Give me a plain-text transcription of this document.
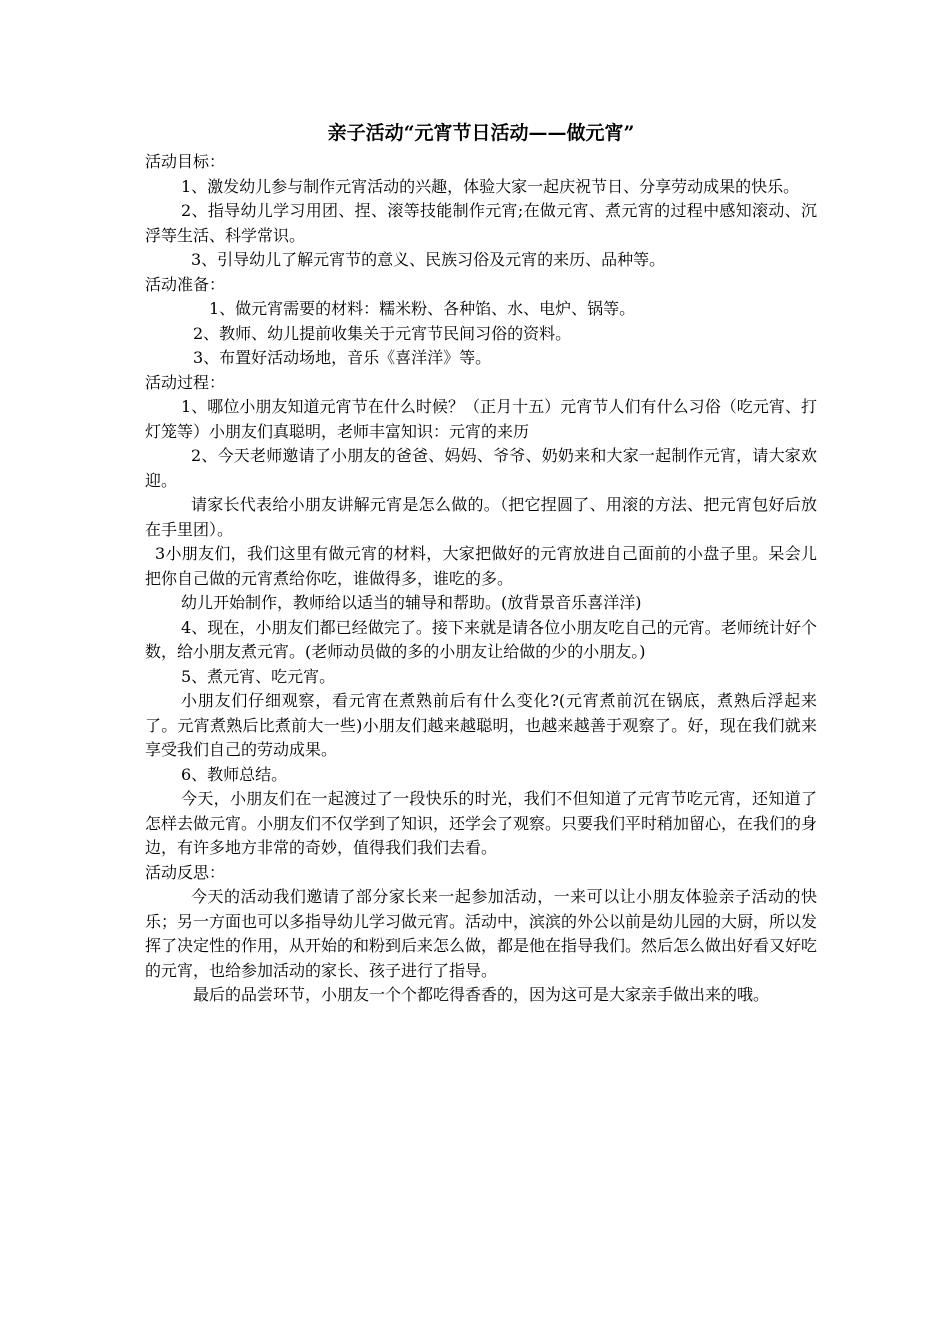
亲子活动“元宵节日活动——做元宵”
活动目标：

1、激发幼儿参与制作元宵活动的兴趣，体验大家一起庆祝节日、分享劳动成果的快乐。

2、指导幼儿学习用团、捏、滚等技能制作元宵;在做元宵、煮元宵的过程中感知滚动、沉浮等生活、科学常识。

3、引导幼儿了解元宵节的意义、民族习俗及元宵的来历、品种等。

活动准备：

1、做元宵需要的材料：糯米粉、各种馅、水、电炉、锅等。

2、教师、幼儿提前收集关于元宵节民间习俗的资料。

3、布置好活动场地，音乐《喜洋洋》等。

活动过程：

1、哪位小朋友知道元宵节在什么时候？（正月十五）元宵节人们有什么习俗（吃元宵、打灯笼等）小朋友们真聪明，老师丰富知识：元宵的来历

2、今天老师邀请了小朋友的爸爸、妈妈、爷爷、奶奶来和大家一起制作元宵，请大家欢迎。

请家长代表给小朋友讲解元宵是怎么做的。（把它捏圆了、用滚的方法、把元宵包好后放在手里团）。

3小朋友们，我们这里有做元宵的材料，大家把做好的元宵放进自己面前的小盘子里。呆会儿把你自己做的元宵煮给你吃，谁做得多，谁吃的多。

幼儿开始制作，教师给以适当的辅导和帮助。(放背景音乐喜洋洋)

4、现在，小朋友们都已经做完了。接下来就是请各位小朋友吃自己的元宵。老师统计好个数，给小朋友煮元宵。(老师动员做的多的小朋友让给做的少的小朋友。)

5、煮元宵、吃元宵。

小朋友们仔细观察，看元宵在煮熟前后有什么变化?(元宵煮前沉在锅底，煮熟后浮起来了。元宵煮熟后比煮前大一些)小朋友们越来越聪明，也越来越善于观察了。好，现在我们就来享受我们自己的劳动成果。

6、教师总结。

今天，小朋友们在一起渡过了一段快乐的时光，我们不但知道了元宵节吃元宵，还知道了怎样去做元宵。小朋友们不仅学到了知识，还学会了观察。只要我们平时稍加留心，在我们的身边，有许多地方非常的奇妙，值得我们我们去看。

活动反思：

今天的活动我们邀请了部分家长来一起参加活动，一来可以让小朋友体验亲子活动的快乐；另一方面也可以多指导幼儿学习做元宵。活动中，滨滨的外公以前是幼儿园的大厨，所以发挥了决定性的作用，从开始的和粉到后来怎么做，都是他在指导我们。然后怎么做出好看又好吃的元宵，也给参加活动的家长、孩子进行了指导。

最后的品尝环节，小朋友一个个都吃得香香的，因为这可是大家亲手做出来的哦。
